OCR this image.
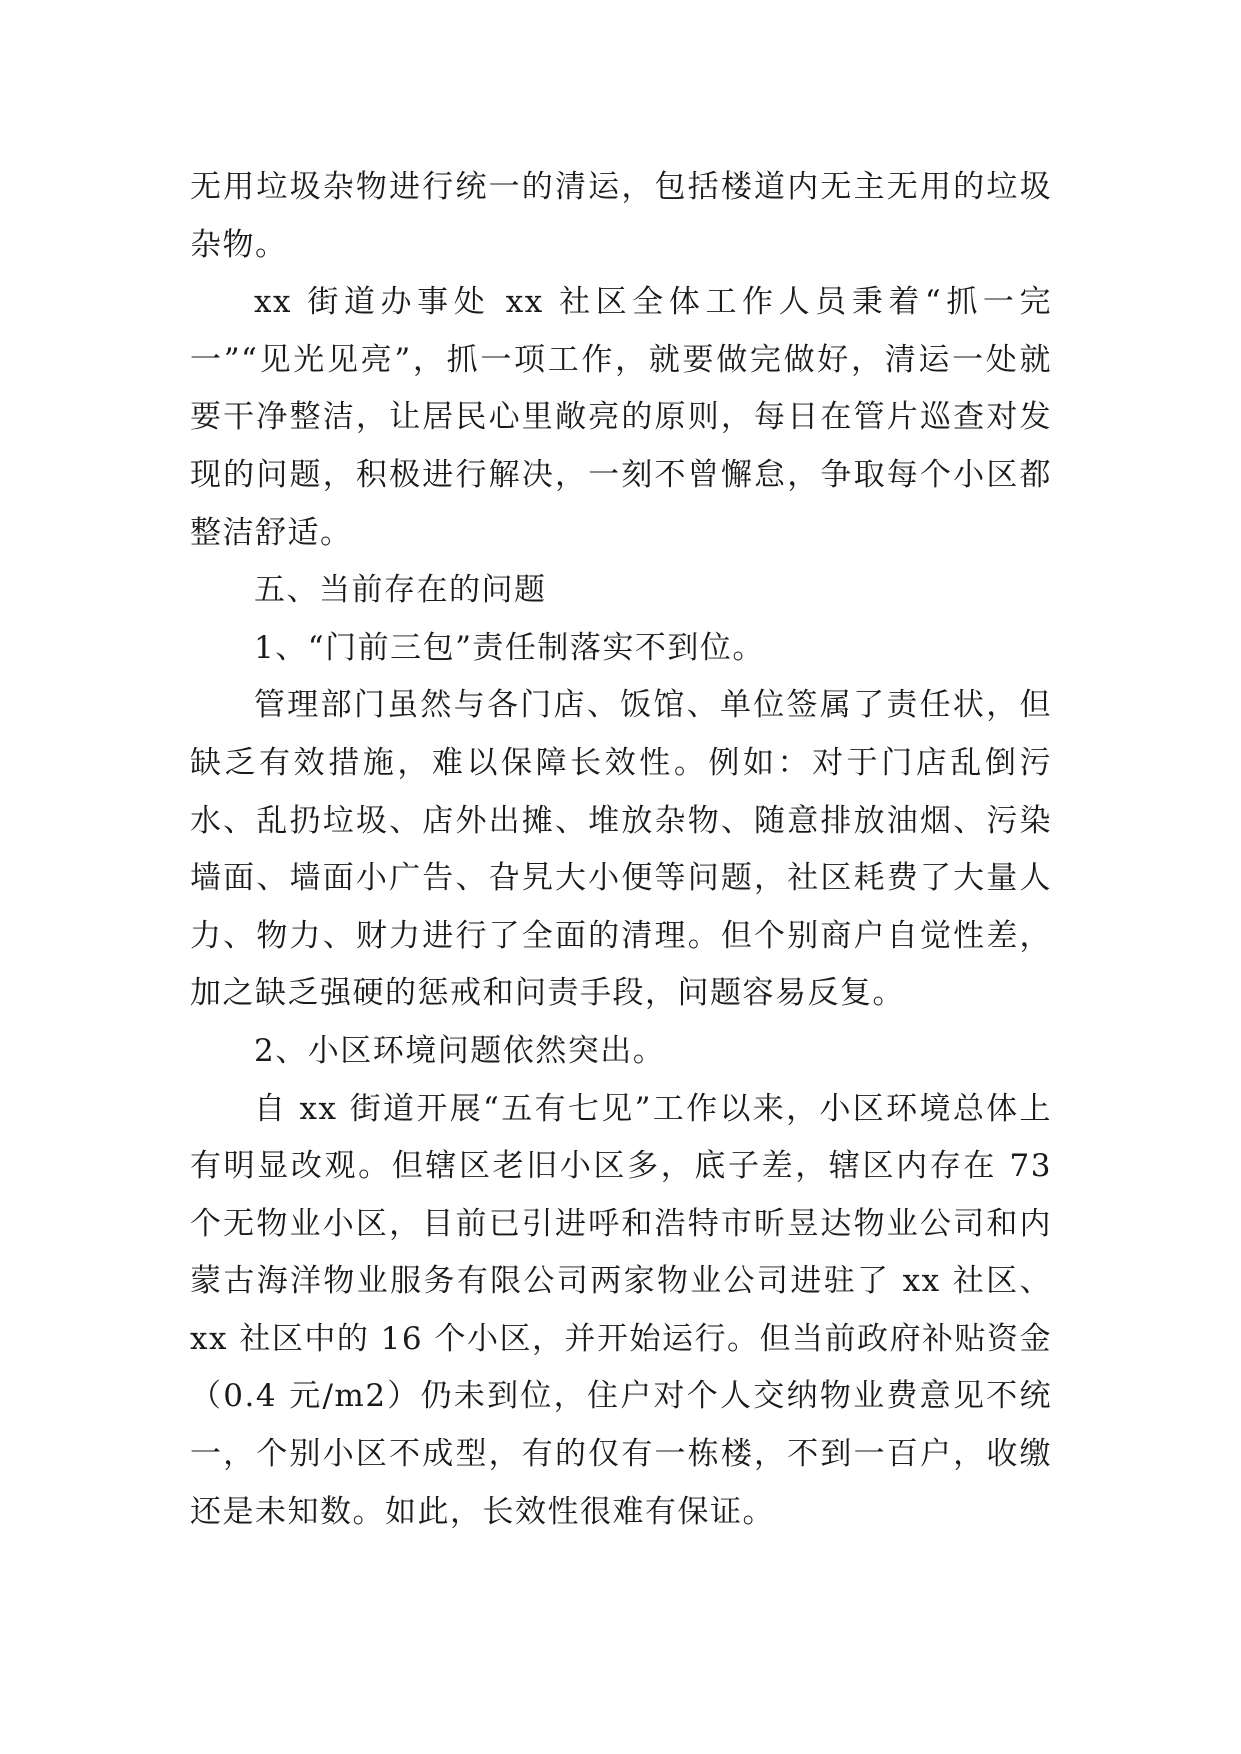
无用垃圾杂物进行统一的清运，包括楼道内无主无用的垃圾杂物。

xx 街道办事处 xx 社区全体工作人员秉着“抓一完一”“见光见亮”，抓一项工作，就要做完做好，清运一处就要干净整洁，让居民心里敞亮的原则，每日在管片巡查对发现的问题，积极进行解决，一刻不曾懈怠，争取每个小区都整洁舒适。

五、当前存在的问题

1、“门前三包”责任制落实不到位。

管理部门虽然与各门店、饭馆、单位签属了责任状，但缺乏有效措施，难以保障长效性。例如：对于门店乱倒污水、乱扔垃圾、店外出摊、堆放杂物、随意排放油烟、污染墙面、墙面小广告、旮旯大小便等问题，社区耗费了大量人力、物力、财力进行了全面的清理。但个别商户自觉性差，加之缺乏强硬的惩戒和问责手段，问题容易反复。

2、小区环境问题依然突出。

自 xx 街道开展“五有七见”工作以来，小区环境总体上有明显改观。但辖区老旧小区多，底子差，辖区内存在 73 个无物业小区，目前已引进呼和浩特市昕昱达物业公司和内蒙古海洋物业服务有限公司两家物业公司进驻了 xx 社区、xx 社区中的 16 个小区，并开始运行。但当前政府补贴资金（0.4 元/m2）仍未到位，住户对个人交纳物业费意见不统一，个别小区不成型，有的仅有一栋楼，不到一百户，收缴还是未知数。如此，长效性很难有保证。
